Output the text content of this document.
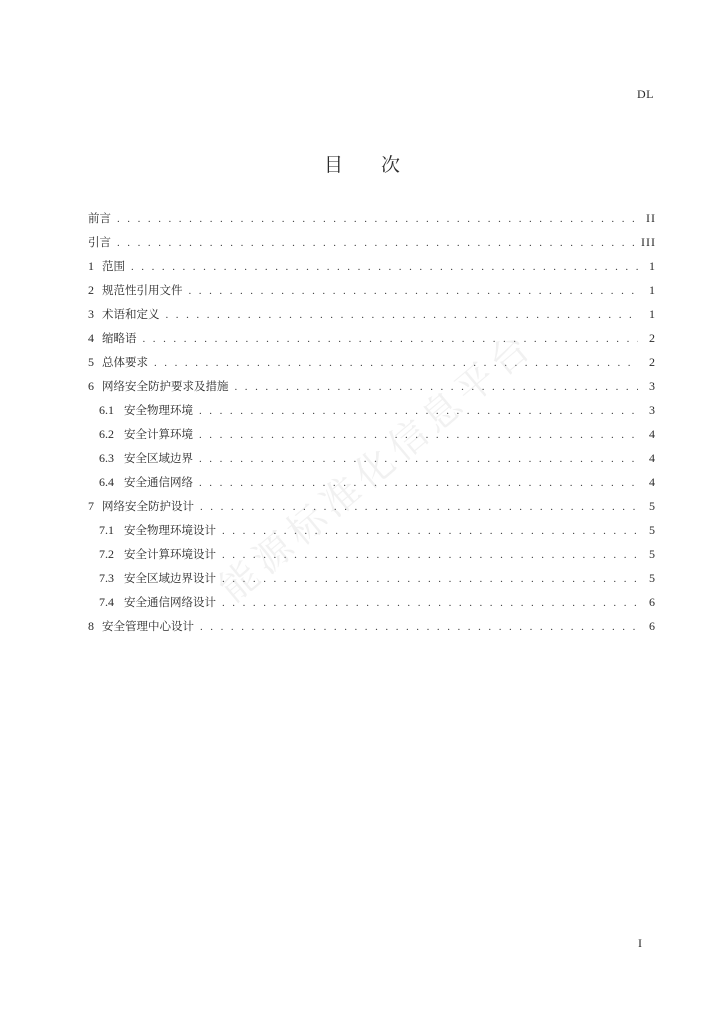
DL
目 次
前言 . . .	II
引言 . . .	III
1 范围 . . .	1
2 规范性引用文件 . . .	1
3 术语和定义 . . .	1
4 缩略语 . . .	2
5 总体要求 . . .	2
6 网络安全防护要求及措施 . . .	3
6.1 安全物理环境 . . .	3
6.2 安全计算环境 . . .	4
6.3 安全区域边界 . . .	4
6.4 安全通信网络 . . .	4
7 网络安全防护设计 . . .	5
7.1 安全物理环境设计 . . .	5
7.2 安全计算环境设计 . . .	5
7.3 安全区域边界设计 . . .	5
7.4 安全通信网络设计 . . .	6
8 安全管理中心设计 . . .	6
能源标准化信息平台
I
